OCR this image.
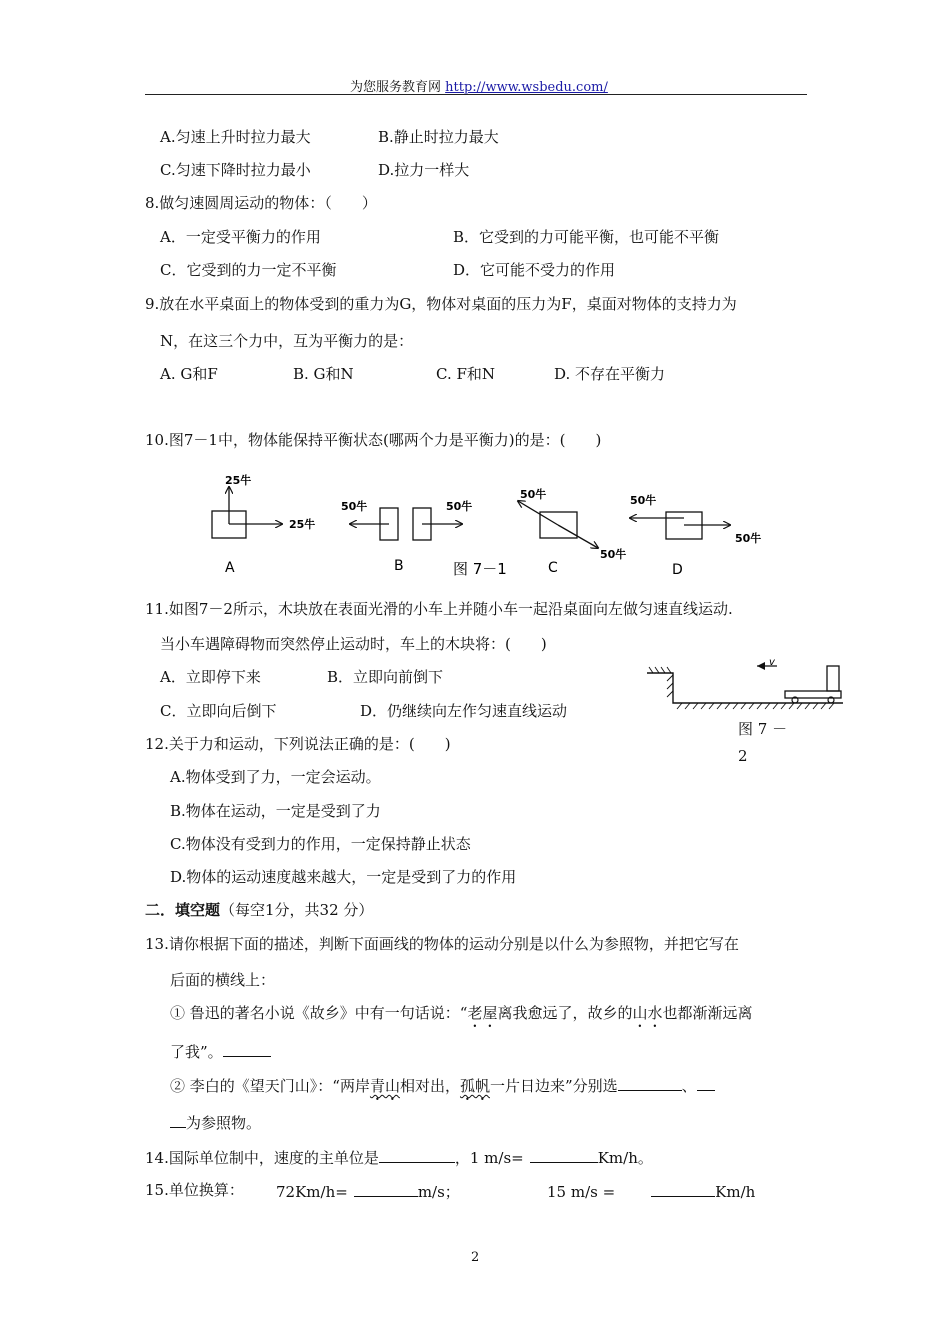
为您服务教育网 http://www.wsbedu.com/
A.匀速上升时拉力最大	B.静止时拉力最大
C.匀速下降时拉力最小	D.拉力一样大
8.做匀速圆周运动的物体：（　　）
A．一定受平衡力的作用	B．它受到的力可能平衡，也可能不平衡
C．它受到的力一定不平衡	D．它可能不受力的作用
9.放在水平桌面上的物体受到的重力为G，物体对桌面的压力为F，桌面对物体的支持力为
N，在这三个力中，互为平衡力的是：
A. G和F	B. G和N	C. F和N	D. 不存在平衡力
10.图7－1中，物体能保持平衡状态(哪两个力是平衡力)的是：(　　)
25牛
25牛
A
50牛	50牛
B	图 7－1
50牛
50牛
C
50牛
50牛
D
11.如图7－2所示，木块放在表面光滑的小车上并随小车一起沿桌面向左做匀速直线运动.
当小车遇障碍物而突然停止运动时，车上的木块将：(　　)
A．立即停下来	B．立即向前倒下
C．立即向后倒下	D．仍继续向左作匀速直线运动
v
图 7 －
2
12.关于力和运动，下列说法正确的是：(　　)
A.物体受到了力，一定会运动。
B.物体在运动，一定是受到了力
C.物体没有受到力的作用，一定保持静止状态
D.物体的运动速度越来越大，一定是受到了力的作用
二．填空题（每空1分，共32 分）
13.请你根据下面的描述，判断下面画线的物体的运动分别是以什么为参照物，并把它写在
后面的横线上：
① 鲁迅的著名小说《故乡》中有一句话说：“老屋离我愈远了，故乡的山水也都渐渐远离
了我”。
② 李白的《望天门山》：“两岸青山相对出，孤帆一片日边来”分别选	、
为参照物。
14.国际单位制中，速度的主单位是	，1 m/s=	Km/h。
15.单位换算： 72Km/h=	m/s；	15 m/s =	Km/h
2
